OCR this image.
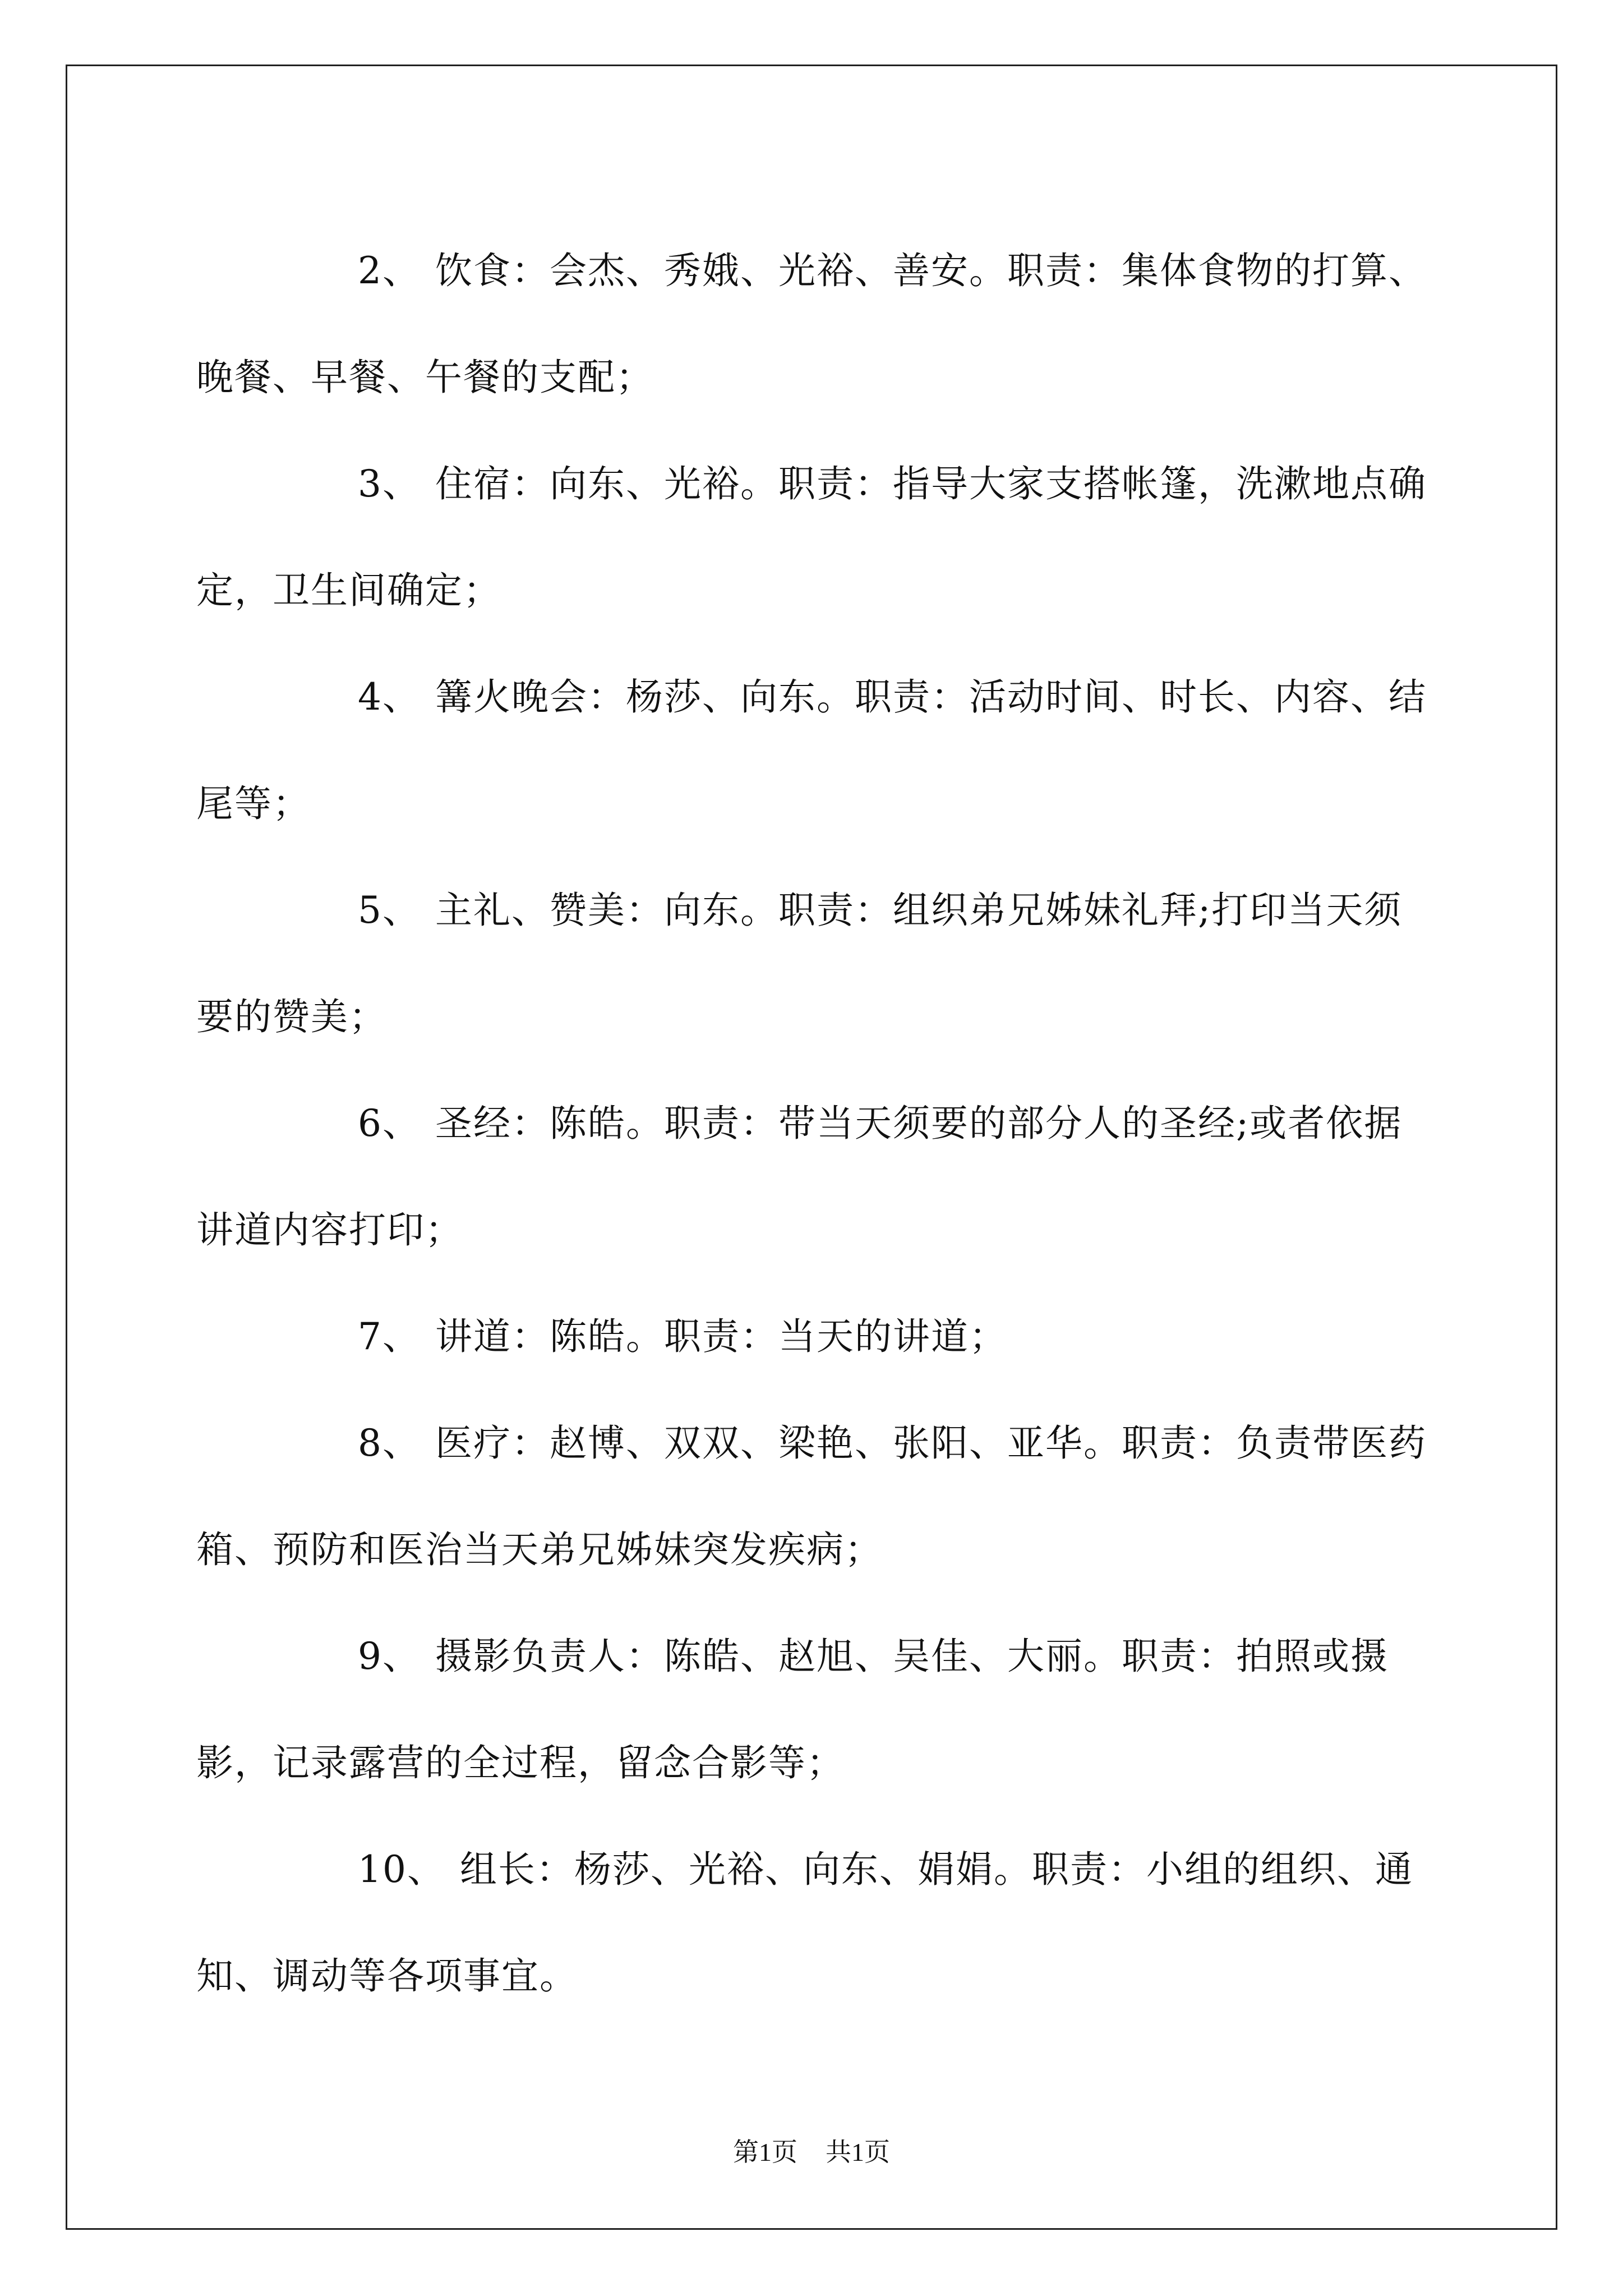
2、 饮食：会杰、秀娥、光裕、善安。职责：集体食物的打算、晚餐、早餐、午餐的支配；

3、 住宿：向东、光裕。职责：指导大家支搭帐篷，洗漱地点确定，卫生间确定；

4、 篝火晚会：杨莎、向东。职责：活动时间、时长、内容、结尾等；

5、 主礼、赞美：向东。职责：组织弟兄姊妹礼拜;打印当天须要的赞美；

6、 圣经：陈皓。职责：带当天须要的部分人的圣经;或者依据讲道内容打印；

7、 讲道：陈皓。职责：当天的讲道；

8、 医疗：赵博、双双、梁艳、张阳、亚华。职责：负责带医药箱、预防和医治当天弟兄姊妹突发疾病；

9、 摄影负责人：陈皓、赵旭、吴佳、大丽。职责：拍照或摄影，记录露营的全过程，留念合影等；

10、 组长：杨莎、光裕、向东、娟娟。职责：小组的组织、通知、调动等各项事宜。

第1页 共1页
